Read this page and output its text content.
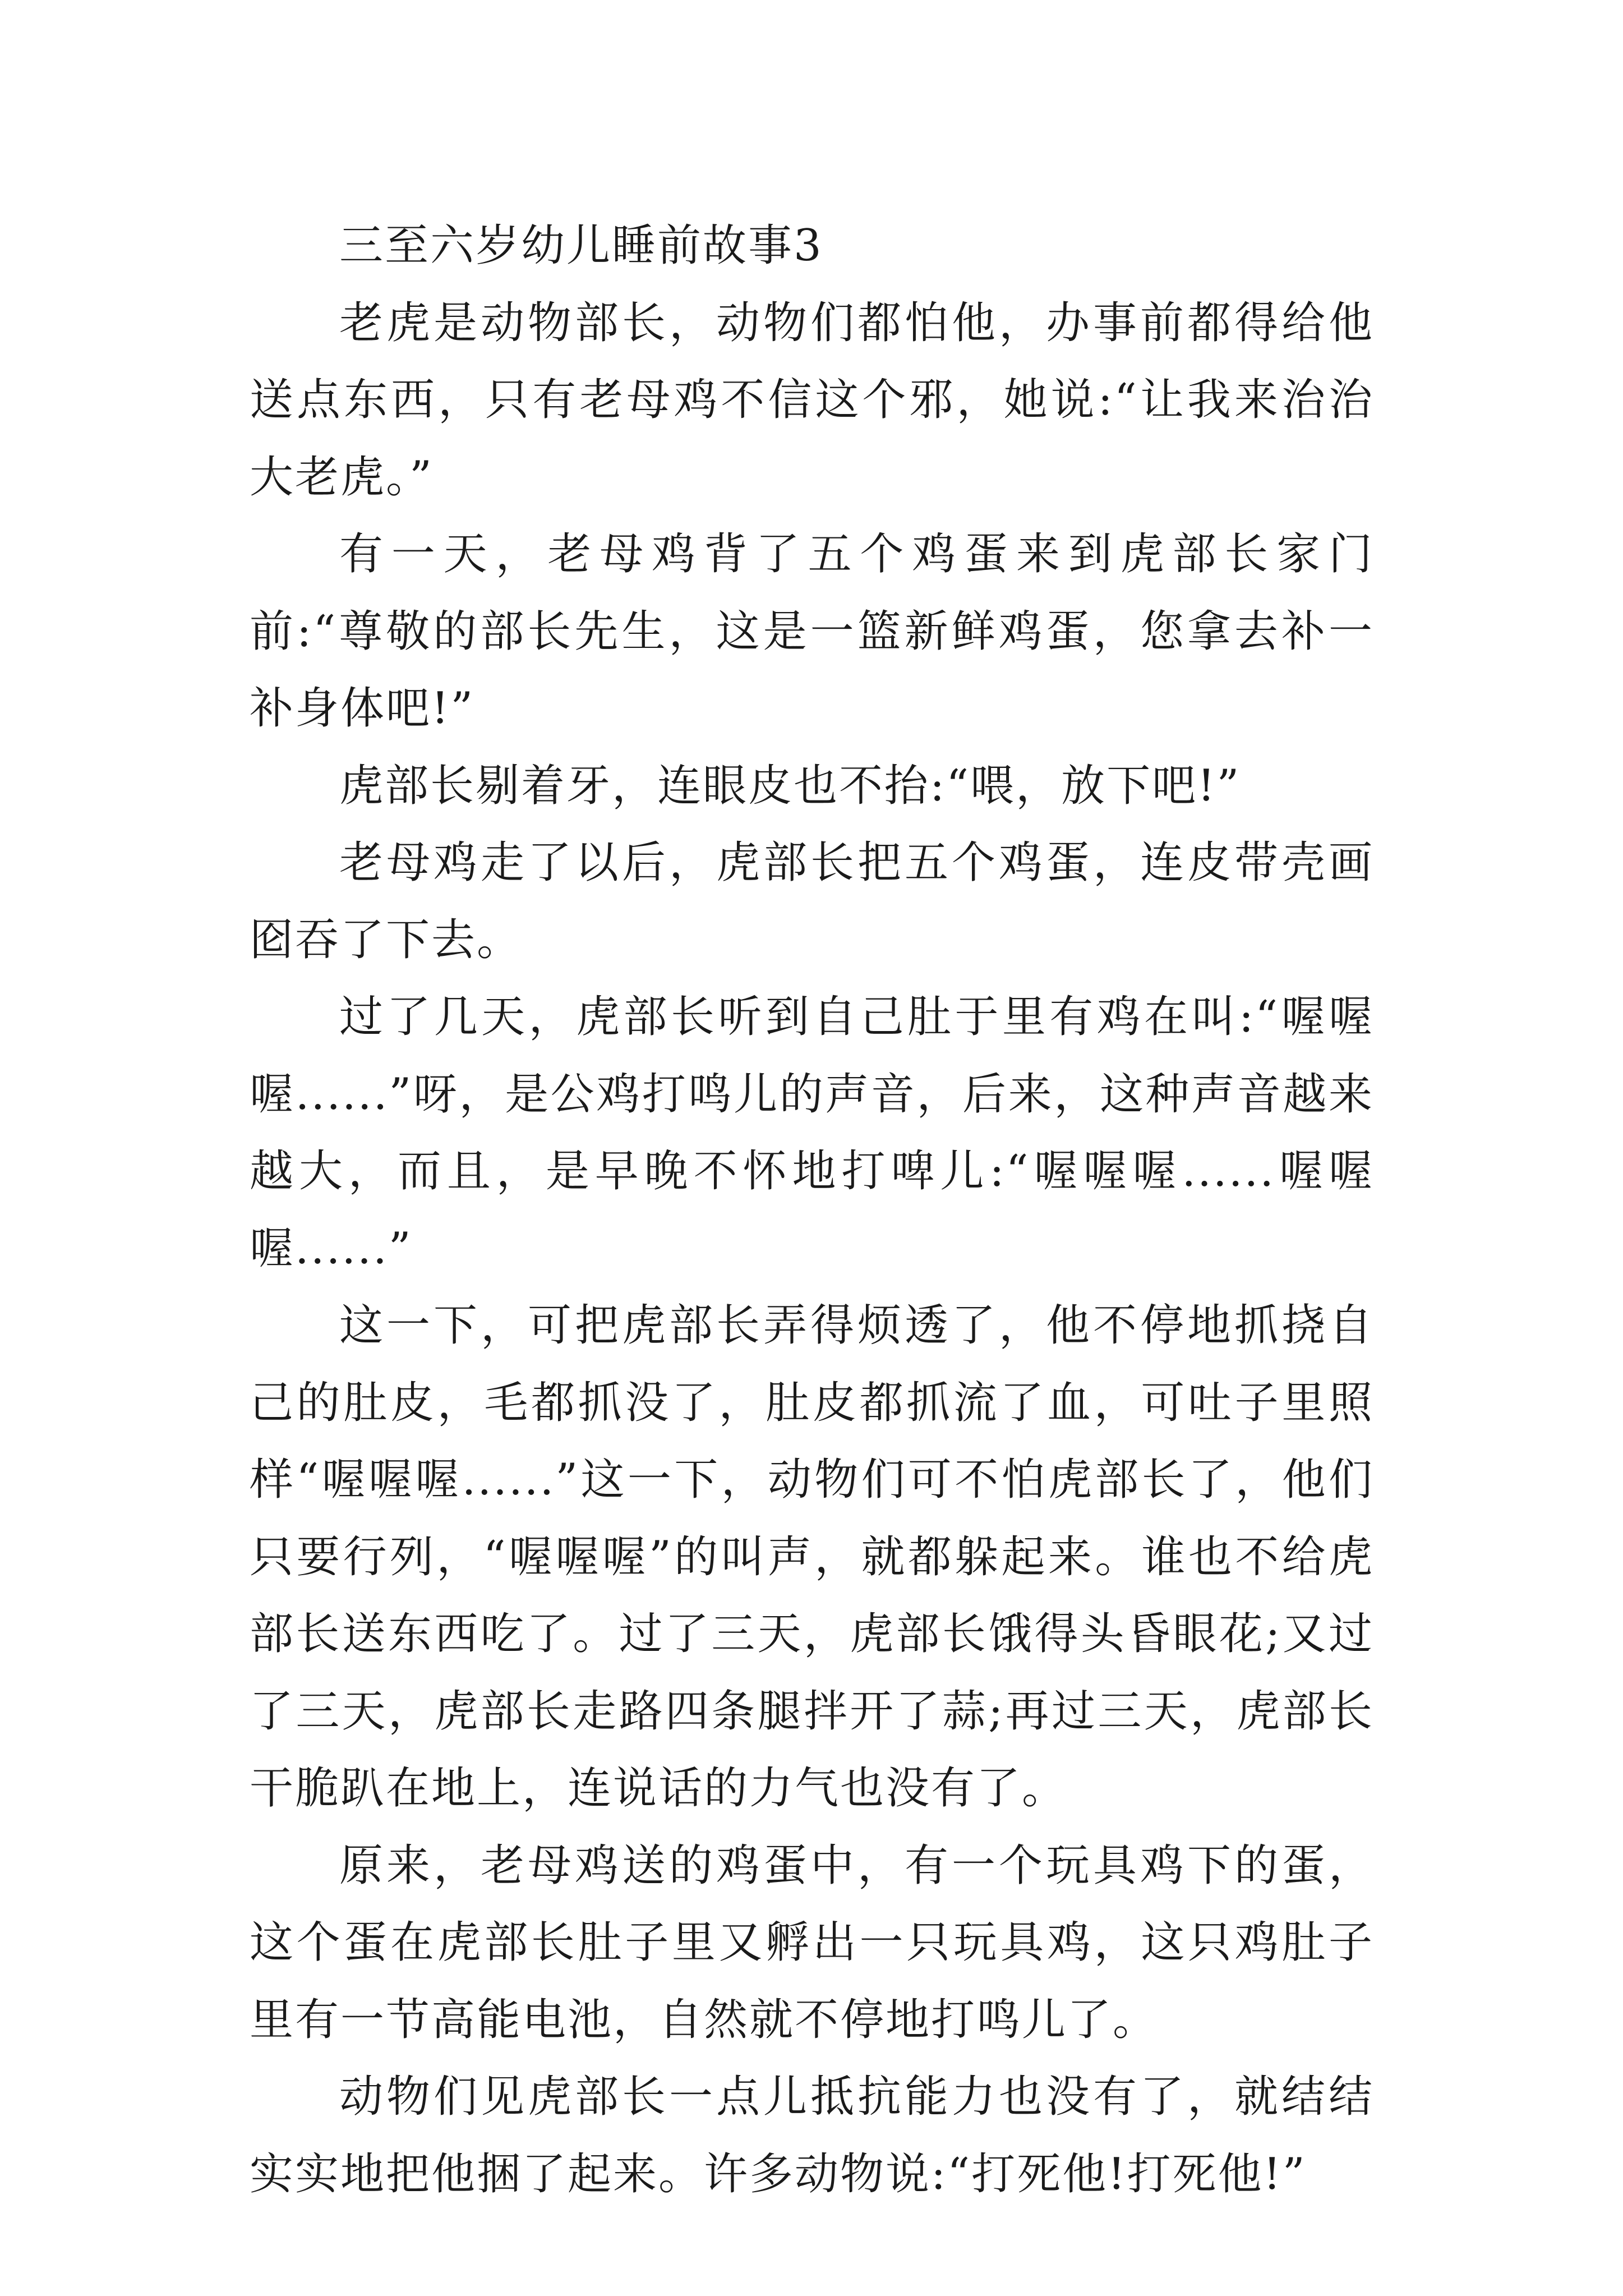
三至六岁幼儿睡前故事3

老虎是动物部长，动物们都怕他，办事前都得给他送点东西，只有老母鸡不信这个邪，她说:“让我来治治大老虎。”

有一天，老母鸡背了五个鸡蛋来到虎部长家门前:“尊敬的部长先生，这是一篮新鲜鸡蛋，您拿去补一补身体吧!”

虎部长剔着牙，连眼皮也不抬:“喂，放下吧!”

老母鸡走了以后，虎部长把五个鸡蛋，连皮带壳画囵吞了下去。

过了几天，虎部长听到自己肚于里有鸡在叫:“喔喔喔......”呀，是公鸡打鸣儿的声音，后来，这种声音越来越大，而且，是早晚不怀地打啤儿:“喔喔喔......喔喔喔......”

这一下，可把虎部长弄得烦透了，他不停地抓挠自己的肚皮，毛都抓没了，肚皮都抓流了血，可吐子里照样“喔喔喔......”这一下，动物们可不怕虎部长了，他们只要行列，“喔喔喔”的叫声，就都躲起来。谁也不给虎部长送东西吃了。过了三天，虎部长饿得头昏眼花;又过了三天，虎部长走路四条腿拌开了蒜;再过三天，虎部长干脆趴在地上，连说话的力气也没有了。

原来，老母鸡送的鸡蛋中，有一个玩具鸡下的蛋，这个蛋在虎部长肚子里又孵出一只玩具鸡，这只鸡肚子里有一节高能电池，自然就不停地打鸣儿了。

动物们见虎部长一点儿抵抗能力也没有了，就结结实实地把他捆了起来。许多动物说:“打死他!打死他!”
